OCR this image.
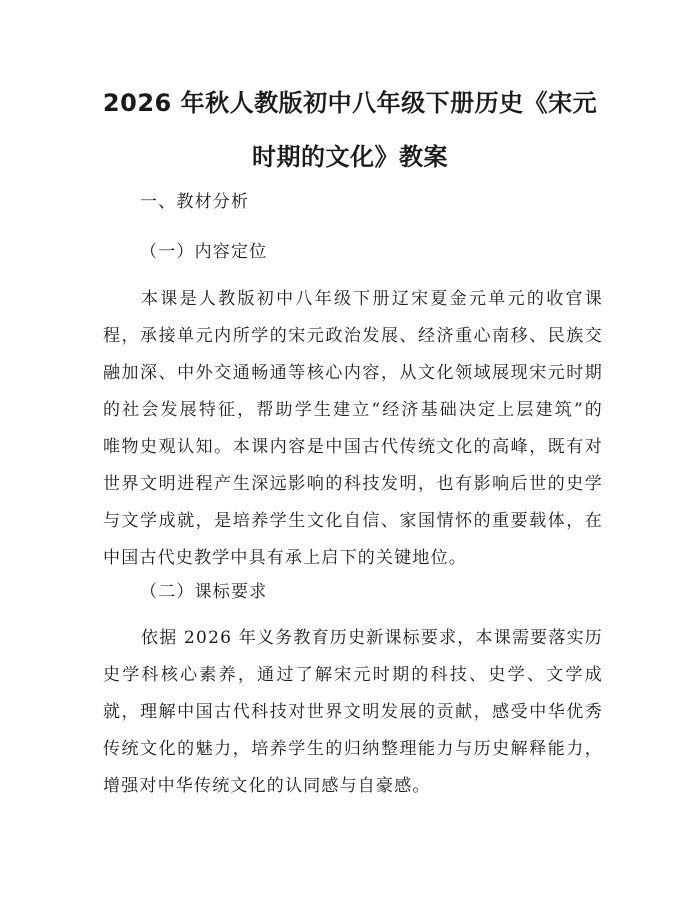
2026 年秋人教版初中八年级下册历史《宋元
时期的文化》教案

一、教材分析

（一）内容定位

本课是人教版初中八年级下册辽宋夏金元单元的收官课
程，承接单元内所学的宋元政治发展、经济重心南移、民族交
融加深、中外交通畅通等核心内容，从文化领域展现宋元时期
的社会发展特征，帮助学生建立“经济基础决定上层建筑”的
唯物史观认知。本课内容是中国古代传统文化的高峰，既有对
世界文明进程产生深远影响的科技发明，也有影响后世的史学
与文学成就，是培养学生文化自信、家国情怀的重要载体，在
中国古代史教学中具有承上启下的关键地位。

（二）课标要求

依据 2026 年义务教育历史新课标要求，本课需要落实历
史学科核心素养，通过了解宋元时期的科技、史学、文学成
就，理解中国古代科技对世界文明发展的贡献，感受中华优秀
传统文化的魅力，培养学生的归纳整理能力与历史解释能力，
增强对中华传统文化的认同感与自豪感。
